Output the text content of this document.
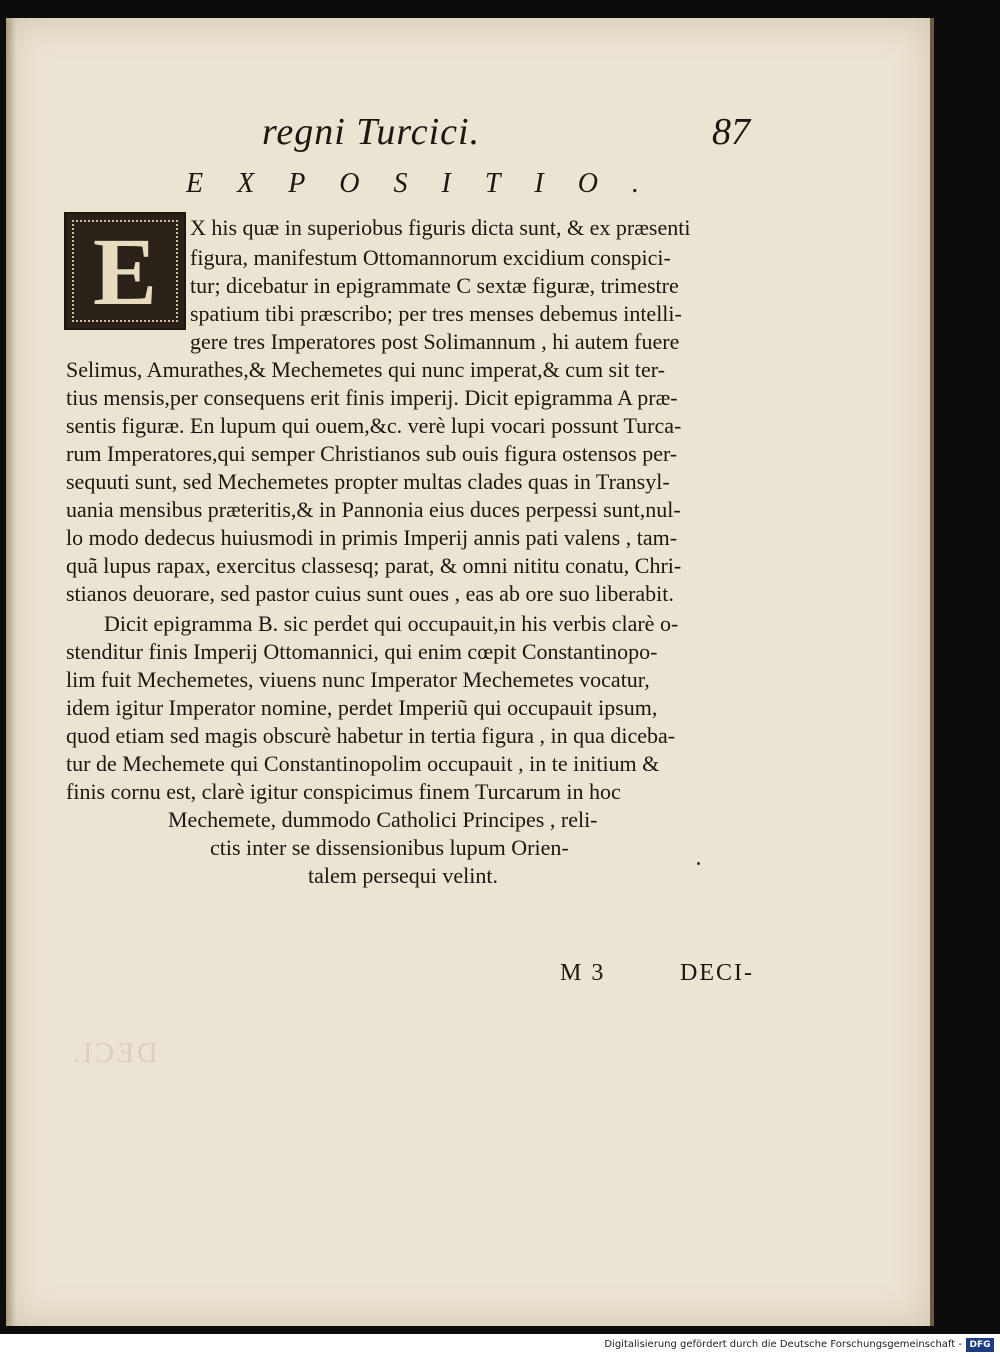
regni Turcici.	87
EXPOSITIO.
E	X his quæ in superiobus figuris dicta sunt, & ex præsenti
figura, manifestum Ottomannorum excidium conspici-
tur; dicebatur in epigrammate C sextæ figuræ, trimestre
spatium tibi præscribo; per tres menses debemus intelli-
gere tres Imperatores post Solimannum , hi autem fuere
Selimus, Amurathes,& Mechemetes qui nunc imperat,& cum sit ter-
tius mensis,per consequens erit finis imperij. Dicit epigramma A præ-
sentis figuræ. En lupum qui ouem,&c. verè lupi vocari possunt Turca-
rum Imperatores,qui semper Christianos sub ouis figura ostensos per-
sequuti sunt, sed Mechemetes propter multas clades quas in Transyl-
uania mensibus præteritis,& in Pannonia eius duces perpessi sunt,nul-
lo modo dedecus huiusmodi in primis Imperij annis pati valens , tam-
quã lupus rapax, exercitus classesq; parat, & omni nititu conatu, Chri-
stianos deuorare, sed pastor cuius sunt oues , eas ab ore suo liberabit.
Dicit epigramma B. sic perdet qui occupauit,in his verbis clarè o-
stenditur finis Imperij Ottomannici, qui enim cœpit Constantinopo-
lim fuit Mechemetes, viuens nunc Imperator Mechemetes vocatur,
idem igitur Imperator nomine, perdet Imperiũ qui occupauit ipsum,
quod etiam sed magis obscurè habetur in tertia figura , in qua diceba-
tur de Mechemete qui Constantinopolim occupauit , in te initium &
finis cornu est, clarè igitur conspicimus finem Turcarum in hoc
Mechemete, dummodo Catholici Principes , reli-
ctis inter se dissensionibus lupum Orien-
talem persequi velint.
M 3	DECI-
DECI.
Digitalisierung gefördert durch die Deutsche Forschungsgemeinschaft - DFG
